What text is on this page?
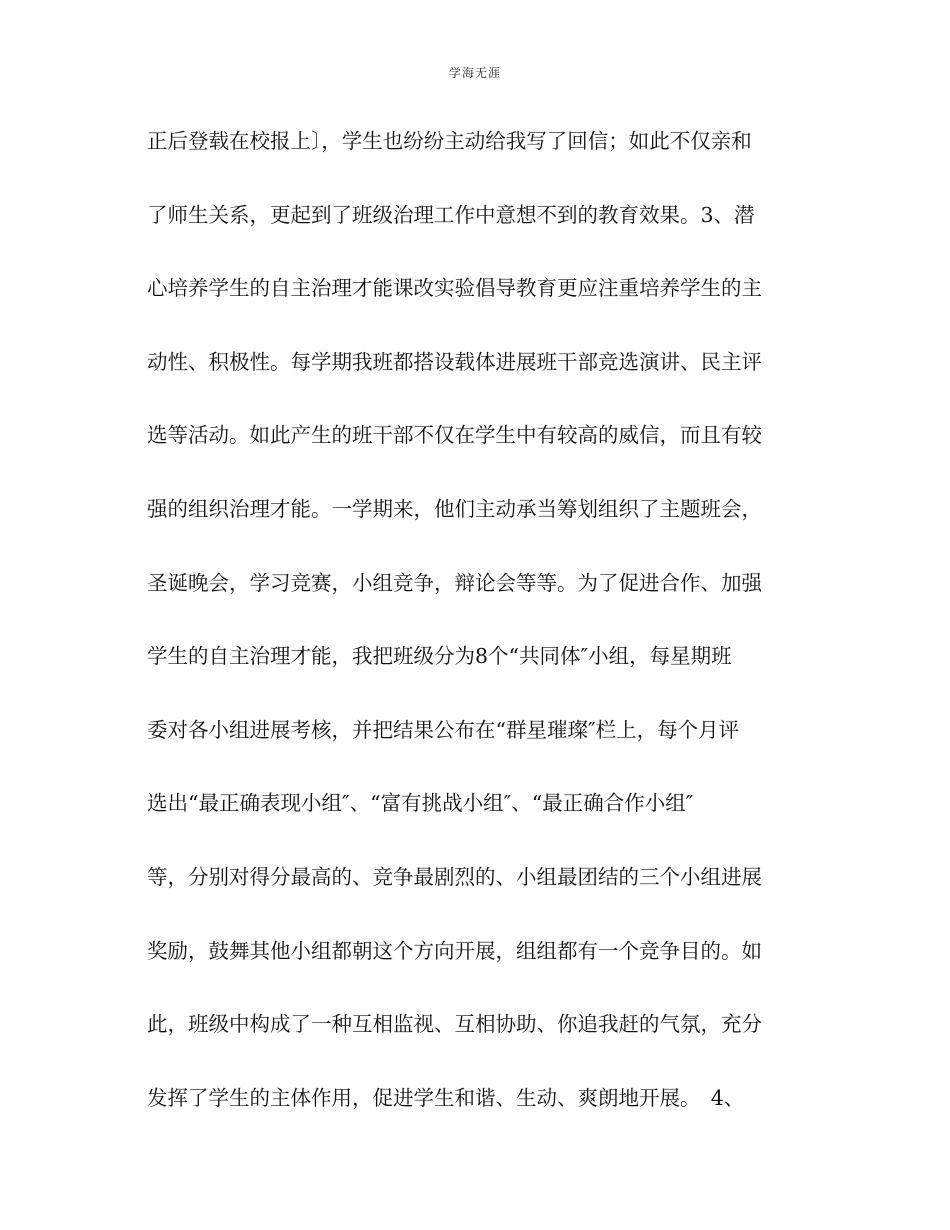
学海无涯
正后登载在校报上〕，学生也纷纷主动给我写了回信；如此不仅亲和
了师生关系，更起到了班级治理工作中意想不到的教育效果。3、潜
心培养学生的自主治理才能课改实验倡导教育更应注重培养学生的主
动性、积极性。每学期我班都搭设载体进展班干部竞选演讲、民主评
选等活动。如此产生的班干部不仅在学生中有较高的威信，而且有较
强的组织治理才能。一学期来，他们主动承当筹划组织了主题班会，
圣诞晚会，学习竞赛，小组竞争，辩论会等等。为了促进合作、加强
学生的自主治理才能，我把班级分为8个“共同体″小组，每星期班
委对各小组进展考核，并把结果公布在“群星璀璨″栏上，每个月评
选出“最正确表现小组″、“富有挑战小组″、“最正确合作小组″
等，分别对得分最高的、竞争最剧烈的、小组最团结的三个小组进展
奖励，鼓舞其他小组都朝这个方向开展，组组都有一个竞争目的。如
此，班级中构成了一种互相监视、互相协助、你追我赶的气氛，充分
发挥了学生的主体作用，促进学生和谐、生动、爽朗地开展。　4、
